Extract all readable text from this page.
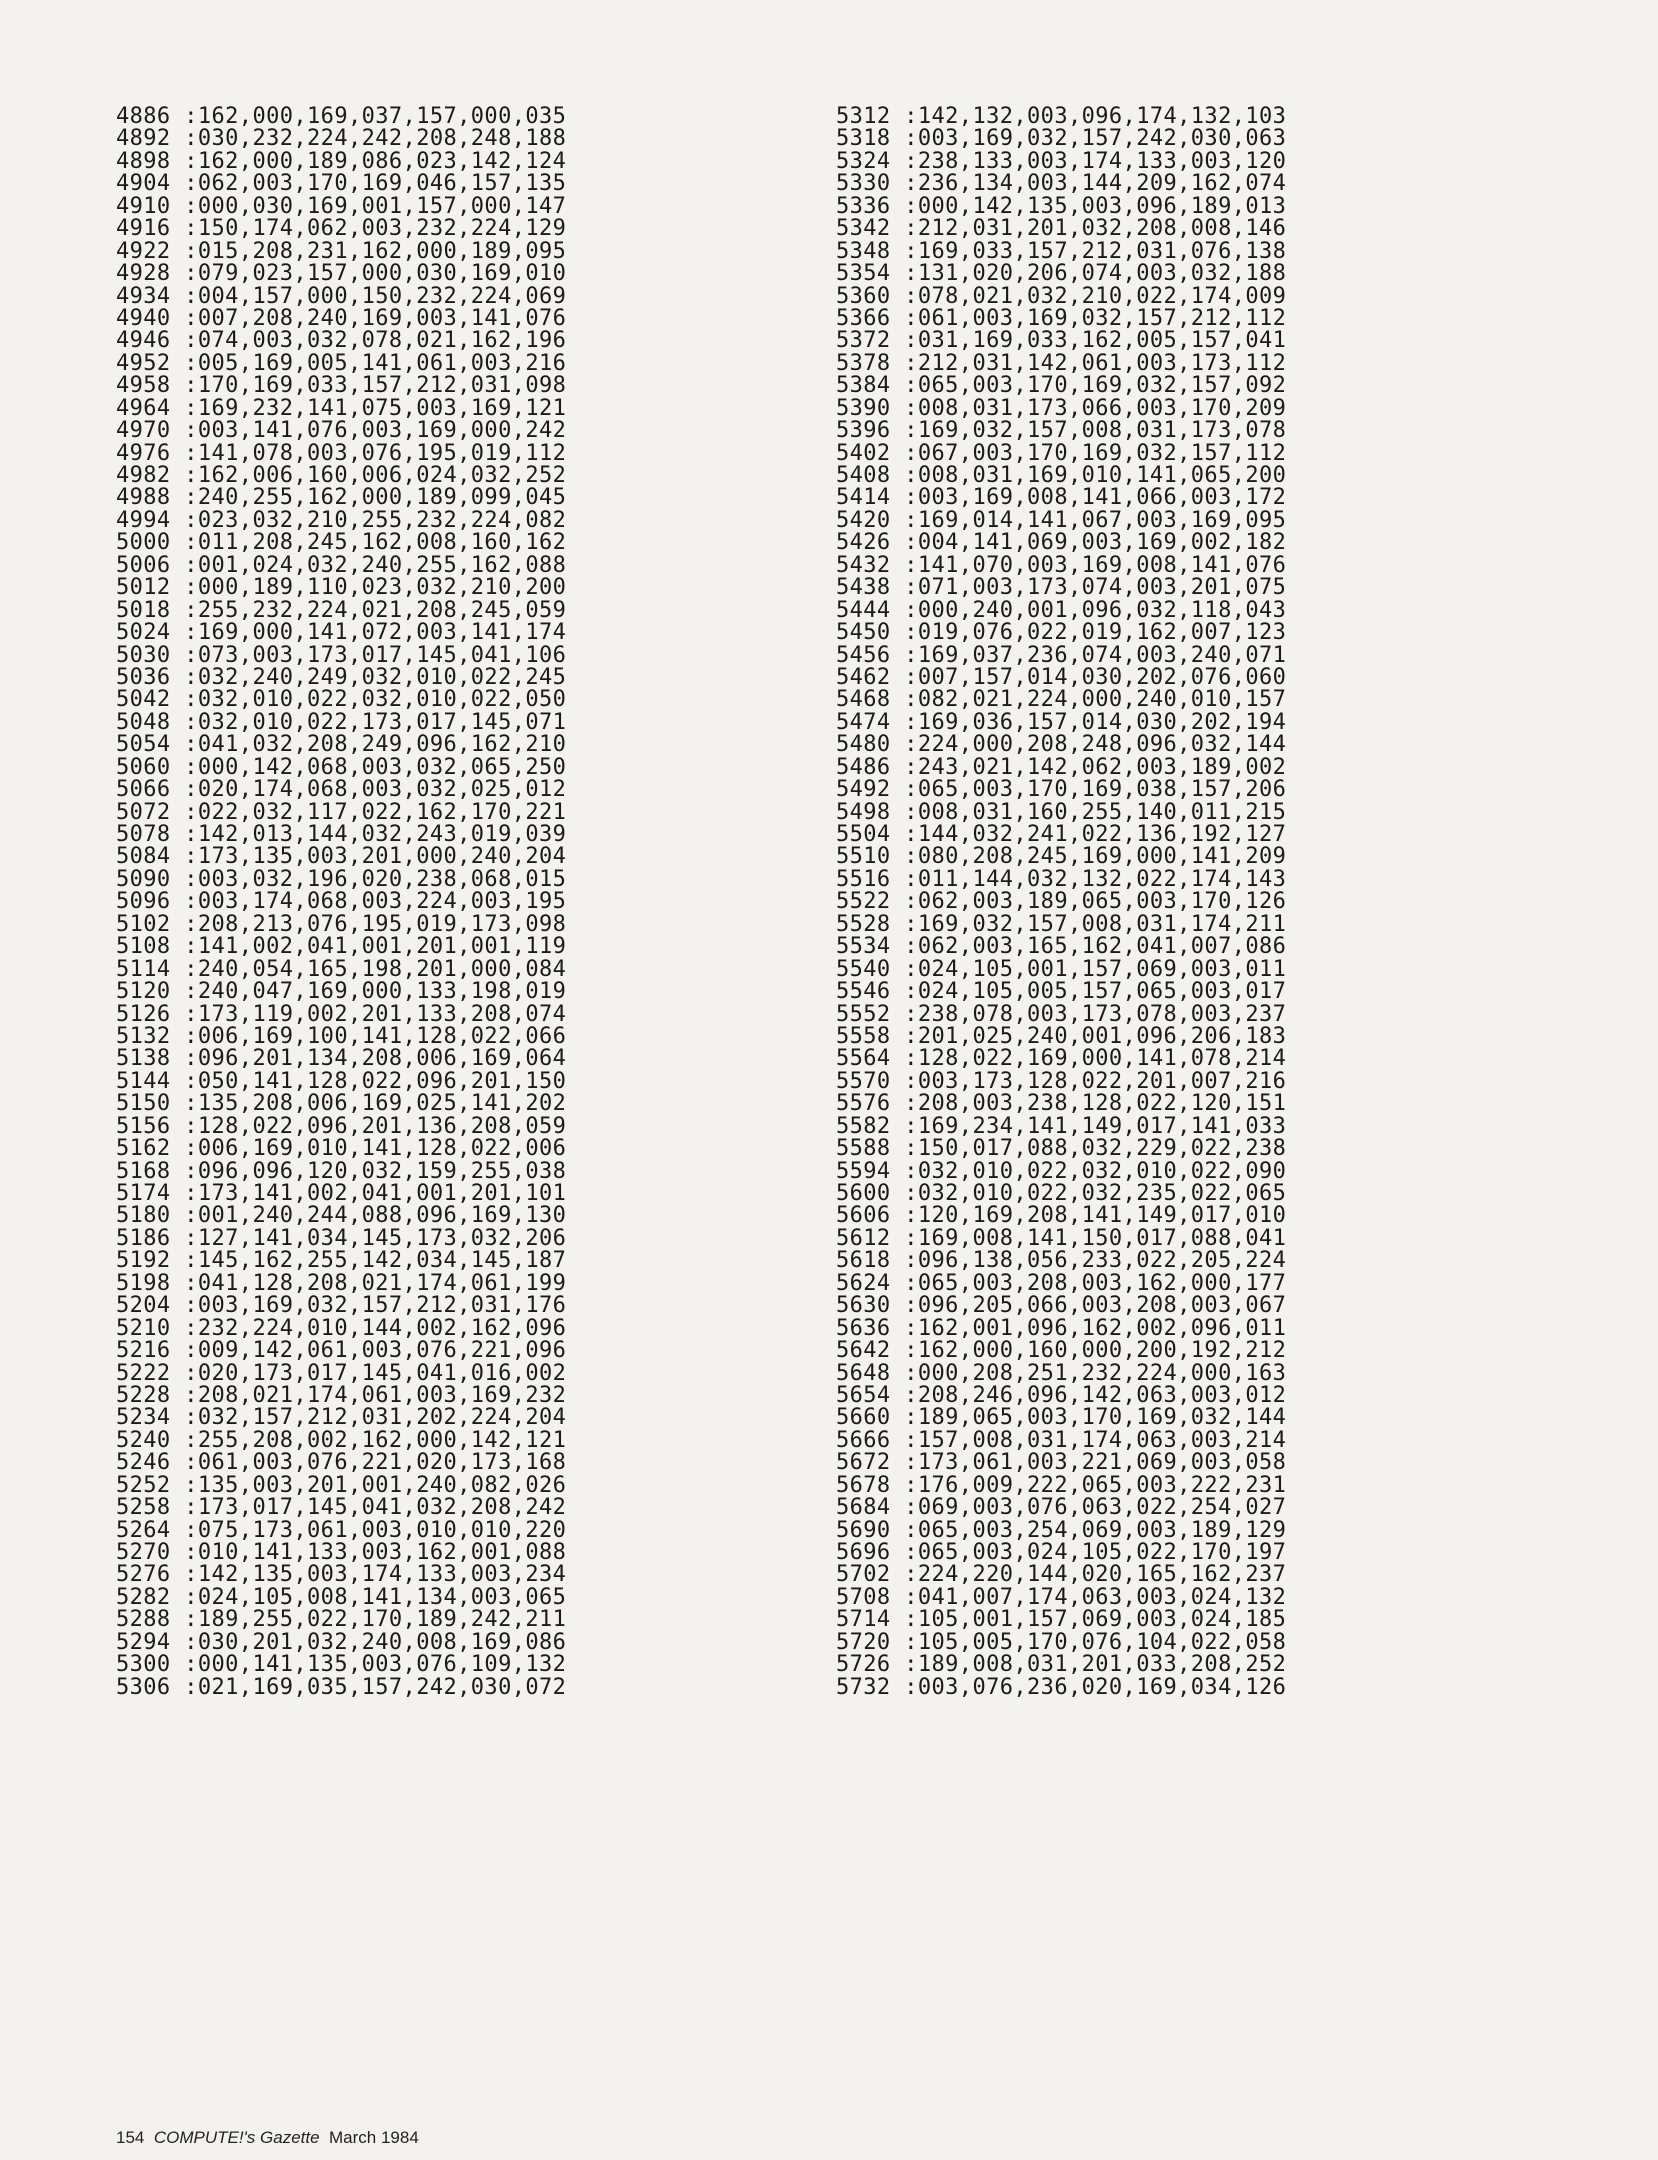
4886 :162,000,169,037,157,000,035
4892 :030,232,224,242,208,248,188
4898 :162,000,189,086,023,142,124
4904 :062,003,170,169,046,157,135
4910 :000,030,169,001,157,000,147
4916 :150,174,062,003,232,224,129
4922 :015,208,231,162,000,189,095
4928 :079,023,157,000,030,169,010
4934 :004,157,000,150,232,224,069
4940 :007,208,240,169,003,141,076
4946 :074,003,032,078,021,162,196
4952 :005,169,005,141,061,003,216
4958 :170,169,033,157,212,031,098
4964 :169,232,141,075,003,169,121
4970 :003,141,076,003,169,000,242
4976 :141,078,003,076,195,019,112
4982 :162,006,160,006,024,032,252
4988 :240,255,162,000,189,099,045
4994 :023,032,210,255,232,224,082
5000 :011,208,245,162,008,160,162
5006 :001,024,032,240,255,162,088
5012 :000,189,110,023,032,210,200
5018 :255,232,224,021,208,245,059
5024 :169,000,141,072,003,141,174
5030 :073,003,173,017,145,041,106
5036 :032,240,249,032,010,022,245
5042 :032,010,022,032,010,022,050
5048 :032,010,022,173,017,145,071
5054 :041,032,208,249,096,162,210
5060 :000,142,068,003,032,065,250
5066 :020,174,068,003,032,025,012
5072 :022,032,117,022,162,170,221
5078 :142,013,144,032,243,019,039
5084 :173,135,003,201,000,240,204
5090 :003,032,196,020,238,068,015
5096 :003,174,068,003,224,003,195
5102 :208,213,076,195,019,173,098
5108 :141,002,041,001,201,001,119
5114 :240,054,165,198,201,000,084
5120 :240,047,169,000,133,198,019
5126 :173,119,002,201,133,208,074
5132 :006,169,100,141,128,022,066
5138 :096,201,134,208,006,169,064
5144 :050,141,128,022,096,201,150
5150 :135,208,006,169,025,141,202
5156 :128,022,096,201,136,208,059
5162 :006,169,010,141,128,022,006
5168 :096,096,120,032,159,255,038
5174 :173,141,002,041,001,201,101
5180 :001,240,244,088,096,169,130
5186 :127,141,034,145,173,032,206
5192 :145,162,255,142,034,145,187
5198 :041,128,208,021,174,061,199
5204 :003,169,032,157,212,031,176
5210 :232,224,010,144,002,162,096
5216 :009,142,061,003,076,221,096
5222 :020,173,017,145,041,016,002
5228 :208,021,174,061,003,169,232
5234 :032,157,212,031,202,224,204
5240 :255,208,002,162,000,142,121
5246 :061,003,076,221,020,173,168
5252 :135,003,201,001,240,082,026
5258 :173,017,145,041,032,208,242
5264 :075,173,061,003,010,010,220
5270 :010,141,133,003,162,001,088
5276 :142,135,003,174,133,003,234
5282 :024,105,008,141,134,003,065
5288 :189,255,022,170,189,242,211
5294 :030,201,032,240,008,169,086
5300 :000,141,135,003,076,109,132
5306 :021,169,035,157,242,030,072
5312 :142,132,003,096,174,132,103
5318 :003,169,032,157,242,030,063
5324 :238,133,003,174,133,003,120
5330 :236,134,003,144,209,162,074
5336 :000,142,135,003,096,189,013
5342 :212,031,201,032,208,008,146
5348 :169,033,157,212,031,076,138
5354 :131,020,206,074,003,032,188
5360 :078,021,032,210,022,174,009
5366 :061,003,169,032,157,212,112
5372 :031,169,033,162,005,157,041
5378 :212,031,142,061,003,173,112
5384 :065,003,170,169,032,157,092
5390 :008,031,173,066,003,170,209
5396 :169,032,157,008,031,173,078
5402 :067,003,170,169,032,157,112
5408 :008,031,169,010,141,065,200
5414 :003,169,008,141,066,003,172
5420 :169,014,141,067,003,169,095
5426 :004,141,069,003,169,002,182
5432 :141,070,003,169,008,141,076
5438 :071,003,173,074,003,201,075
5444 :000,240,001,096,032,118,043
5450 :019,076,022,019,162,007,123
5456 :169,037,236,074,003,240,071
5462 :007,157,014,030,202,076,060
5468 :082,021,224,000,240,010,157
5474 :169,036,157,014,030,202,194
5480 :224,000,208,248,096,032,144
5486 :243,021,142,062,003,189,002
5492 :065,003,170,169,038,157,206
5498 :008,031,160,255,140,011,215
5504 :144,032,241,022,136,192,127
5510 :080,208,245,169,000,141,209
5516 :011,144,032,132,022,174,143
5522 :062,003,189,065,003,170,126
5528 :169,032,157,008,031,174,211
5534 :062,003,165,162,041,007,086
5540 :024,105,001,157,069,003,011
5546 :024,105,005,157,065,003,017
5552 :238,078,003,173,078,003,237
5558 :201,025,240,001,096,206,183
5564 :128,022,169,000,141,078,214
5570 :003,173,128,022,201,007,216
5576 :208,003,238,128,022,120,151
5582 :169,234,141,149,017,141,033
5588 :150,017,088,032,229,022,238
5594 :032,010,022,032,010,022,090
5600 :032,010,022,032,235,022,065
5606 :120,169,208,141,149,017,010
5612 :169,008,141,150,017,088,041
5618 :096,138,056,233,022,205,224
5624 :065,003,208,003,162,000,177
5630 :096,205,066,003,208,003,067
5636 :162,001,096,162,002,096,011
5642 :162,000,160,000,200,192,212
5648 :000,208,251,232,224,000,163
5654 :208,246,096,142,063,003,012
5660 :189,065,003,170,169,032,144
5666 :157,008,031,174,063,003,214
5672 :173,061,003,221,069,003,058
5678 :176,009,222,065,003,222,231
5684 :069,003,076,063,022,254,027
5690 :065,003,254,069,003,189,129
5696 :065,003,024,105,022,170,197
5702 :224,220,144,020,165,162,237
5708 :041,007,174,063,003,024,132
5714 :105,001,157,069,003,024,185
5720 :105,005,170,076,104,022,058
5726 :189,008,031,201,033,208,252
5732 :003,076,236,020,169,034,126
154 COMPUTE!'s Gazette March 1984
